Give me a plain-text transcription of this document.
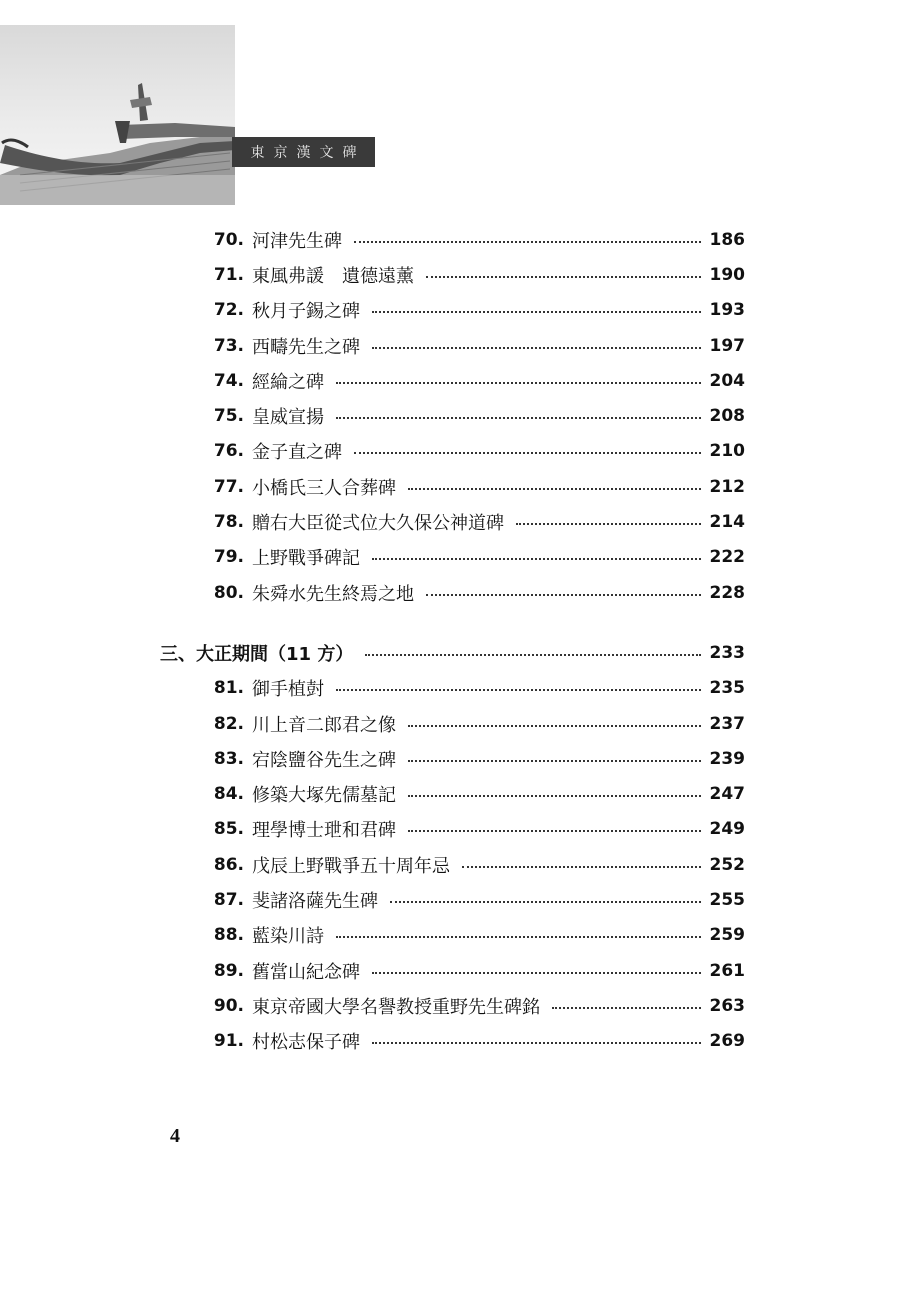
東京漢文碑
70. 河津先生碑	186
71. 東風弗諼　遺德遠薰	190
72. 秋月子錫之碑	193
73. 西疇先生之碑	197
74. 經綸之碑	204
75. 皇威宣揚	208
76. 金子直之碑	210
77. 小橋氏三人合葬碑	212
78. 贈右大臣從弍位大久保公神道碑	214
79. 上野戰爭碑記	222
80. 朱舜水先生終焉之地	228
三、大正期間（11 方）	233
81. 御手植尌	235
82. 川上音二郎君之像	237
83. 宕陰鹽谷先生之碑	239
84. 修築大塚先儒墓記	247
85. 理學博士玴和君碑	249
86. 戊辰上野戰爭五十周年忌	252
87. 斐諸洛薩先生碑	255
88. 藍染川詩	259
89. 舊當山紀念碑	261
90. 東京帝國大學名譽教授重野先生碑銘	263
91. 村松志保子碑	269
4
